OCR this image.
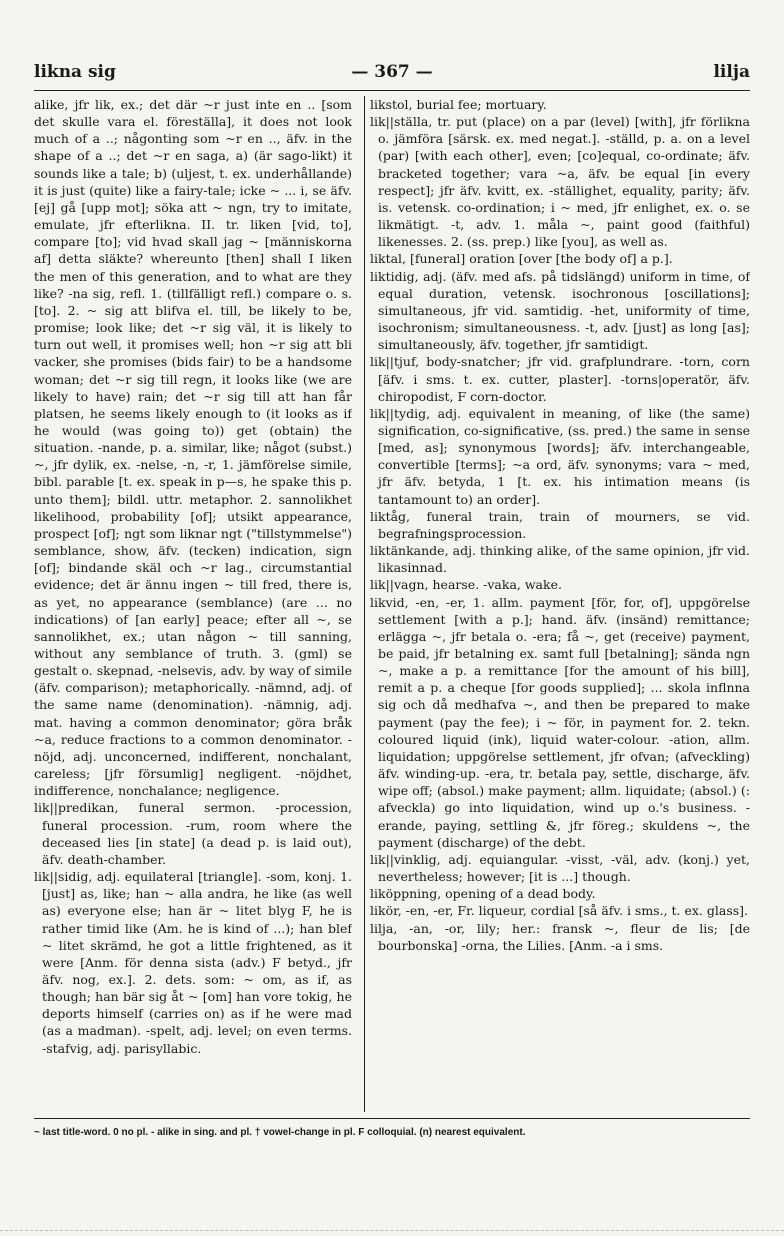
likna sig	— 367 —	lilja

alike, jfr lik, ex.; det där ~r just inte en .. [som det skulle vara el. föreställa], it does not look much of a ..; någonting som ~r en .., äfv. in the shape of a ..; det ~r en saga, a) (är sago-likt) it sounds like a tale; b) (uljest, t. ex. underhållande) it is just (quite) like a fairy-tale; icke ~ ... i, se äfv. [ej] gå [upp mot]; söka att ~ ngn, try to imitate, emulate, jfr efterlikna. II. tr. liken [vid, to], compare [to]; vid hvad skall jag ~ [människorna af] detta släkte? whereunto [then] shall I liken the men of this generation, and to what are they like? -na sig, refl. 1. (tillfälligt refl.) compare o. s. [to]. 2. ~ sig att blifva el. till, be likely to be, promise; look like; det ~r sig väl, it is likely to turn out well, it promises well; hon ~r sig att bli vacker, she promises (bids fair) to be a handsome woman; det ~r sig till regn, it looks like (we are likely to have) rain; det ~r sig till att han får platsen, he seems likely enough to (it looks as if he would (was going to)) get (obtain) the situation. -nande, p. a. similar, like; något (subst.) ~, jfr dylik, ex. -nelse, -n, -r, 1. jämförelse simile, bibl. parable [t. ex. speak in p—s, he spake this p. unto them]; bildl. uttr. metaphor. 2. sannolikhet likelihood, probability [of]; utsikt appearance, prospect [of]; ngt som liknar ngt ("tillstymmelse") semblance, show, äfv. (tecken) indication, sign [of]; bindande skäl och ~r lag., circumstantial evidence; det är ännu ingen ~ till fred, there is, as yet, no appearance (semblance) (are ... no indications) of [an early] peace; efter all ~, se sannolikhet, ex.; utan någon ~ till sanning, without any semblance of truth. 3. (gml) se gestalt o. skepnad, -nelsevis, adv. by way of simile (äfv. comparison); metaphorically. -nämnd, adj. of the same name (denomination). -nämnig, adj. mat. having a common denominator; göra bråk ~a, reduce fractions to a common denominator. -nöjd, adj. unconcerned, indifferent, nonchalant, careless; [jfr försumlig] negligent. -nöjdhet, indifference, nonchalance; negligence.

lik||predikan, funeral sermon. -procession, funeral procession. -rum, room where the deceased lies [in state] (a dead p. is laid out), äfv. death-chamber.

lik||sidig, adj. equilateral [triangle]. -som, konj. 1. [just] as, like; han ~ alla andra, he like (as well as) everyone else; han är ~ litet blyg F, he is rather timid like (Am. he is kind of ...); han blef ~ litet skrämd, he got a little frightened, as it were [Anm. för denna sista (adv.) F betyd., jfr äfv. nog, ex.]. 2. dets. som: ~ om, as if, as though; han bär sig åt ~ [om] han vore tokig, he deports himself (carries on) as if he were mad (as a madman). -spelt, adj. level; on even terms. -stafvig, adj. parisyllabic.

likstol, burial fee; mortuary.

lik||ställa, tr. put (place) on a par (level) [with], jfr förlikna o. jämföra [särsk. ex. med negat.]. -ställd, p. a. on a level (par) [with each other], even; [co]equal, co-ordinate; äfv. bracketed together; vara ~a, äfv. be equal [in every respect]; jfr äfv. kvitt, ex. -ställighet, equality, parity; äfv. is. vetensk. co-ordination; i ~ med, jfr enlighet, ex. o. se likmätigt. -t, adv. 1. måla ~, paint good (faithful) likenesses. 2. (ss. prep.) like [you], as well as.

liktal, [funeral] oration [over [the body of] a p.].

liktidig, adj. (äfv. med afs. på tidslängd) uniform in time, of equal duration, vetensk. isochronous [oscillations]; simultaneous, jfr vid. samtidig. -het, uniformity of time, isochronism; simultaneousness. -t, adv. [just] as long [as]; simultaneously, äfv. together, jfr samtidigt.

lik||tjuf, body-snatcher; jfr vid. grafplundrare. -torn, corn [äfv. i sms. t. ex. cutter, plaster]. -torns|operatör, äfv. chiropodist, F corn-doctor.

lik||tydig, adj. equivalent in meaning, of like (the same) signification, co-significative, (ss. pred.) the same in sense [med, as]; synonymous [words]; äfv. interchangeable, convertible [terms]; ~a ord, äfv. synonyms; vara ~ med, jfr äfv. betyda, 1 [t. ex. his intimation means (is tantamount to) an order].

liktåg, funeral train, train of mourners, se vid. begrafningsprocession.

liktänkande, adj. thinking alike, of the same opinion, jfr vid. likasinnad.

lik||vagn, hearse. -vaka, wake.

likvid, -en, -er, 1. allm. payment [för, for, of], uppgörelse settlement [with a p.]; hand. äfv. (insänd) remittance; erlägga ~, jfr betala o. -era; få ~, get (receive) payment, be paid, jfr betalning ex. samt full [betalning]; sända ngn ~, make a p. a remittance [for the amount of his bill], remit a p. a cheque [for goods supplied]; ... skola inflnna sig och då medhafva ~, and then be prepared to make payment (pay the fee); i ~ för, in payment for. 2. tekn. coloured liquid (ink), liquid water-colour. -ation, allm. liquidation; uppgörelse settlement, jfr ofvan; (afveckling) äfv. winding-up. -era, tr. betala pay, settle, discharge, äfv. wipe off; (absol.) make payment; allm. liquidate; (absol.) (: afveckla) go into liquidation, wind up o.'s business. -erande, paying, settling &, jfr föreg.; skuldens ~, the payment (discharge) of the debt.

lik||vinklig, adj. equiangular. -visst, -väl, adv. (konj.) yet, nevertheless; however; [it is ...] though.

liköppning, opening of a dead body.

likör, -en, -er, Fr. liqueur, cordial [så äfv. i sms., t. ex. glass].

lilja, -an, -or, lily; her.: fransk ~, fleur de lis; [de bourbonska] -orna, the Lilies. [Anm. -a i sms.

~ last title-word. 0 no pl. - alike in sing. and pl. † vowel-change in pl. F colloquial. (n) nearest equivalent.
